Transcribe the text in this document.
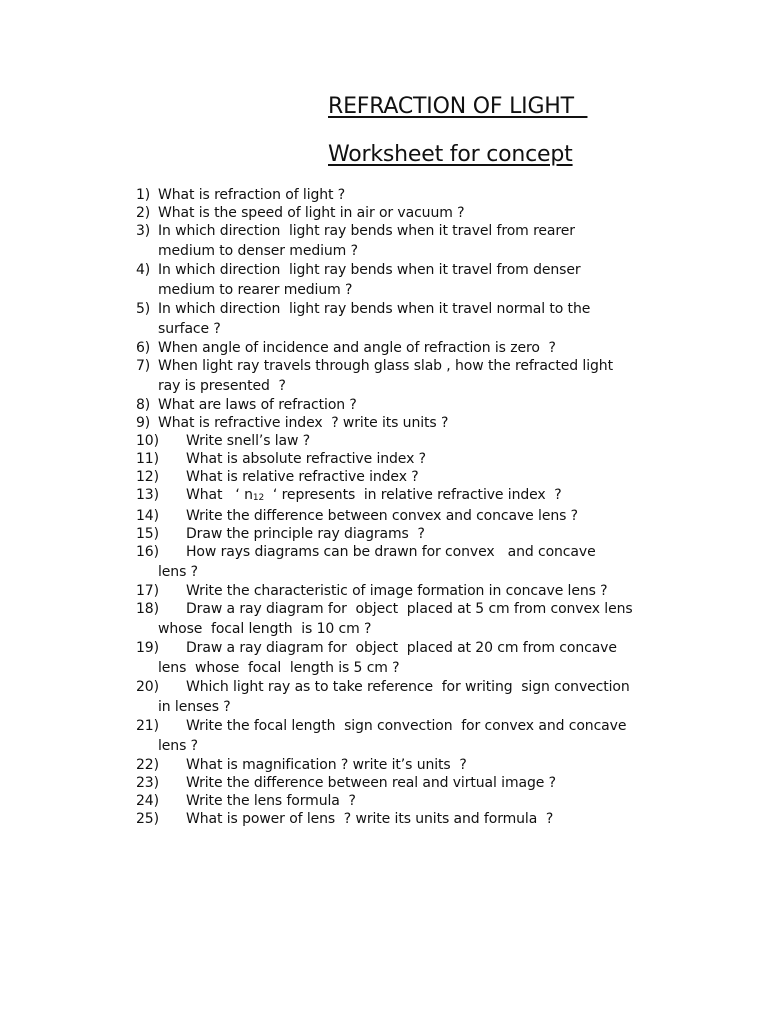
REFRACTION OF LIGHT
Worksheet for concept
1) What is refraction of light ?
2) What is the speed of light in air or vacuum ?
3) In which direction  light ray bends when it travel from rearer
medium to denser medium ?
4) In which direction  light ray bends when it travel from denser
medium to rearer medium ?
5) In which direction  light ray bends when it travel normal to the
surface ?
6) When angle of incidence and angle of refraction is zero  ?
7) When light ray travels through glass slab , how the refracted light
ray is presented  ?
8) What are laws of refraction ?
9) What is refractive index  ? write its units ?
10)	Write snell’s law ?
11)	What is absolute refractive index ?
12)	What is relative refractive index ?
13)	What   ‘ $n_{12}$  ‘ represents  in relative refractive index  ?
14)	Write the difference between convex and concave lens ?
15)	Draw the principle ray diagrams  ?
16)	How rays diagrams can be drawn for convex   and concave
lens ?
17)	Write the characteristic of image formation in concave lens ?
18)	Draw a ray diagram for  object  placed at 5 cm from convex lens
whose  focal length  is 10 cm ?
19)	Draw a ray diagram for  object  placed at 20 cm from concave
lens  whose  focal  length is 5 cm ?
20)	Which light ray as to take reference  for writing  sign convection
in lenses ?
21)	Write the focal length  sign convection  for convex and concave
lens ?
22)	What is magnification ? write it’s units  ?
23)	Write the difference between real and virtual image ?
24)	Write the lens formula  ?
25)	What is power of lens  ? write its units and formula  ?
